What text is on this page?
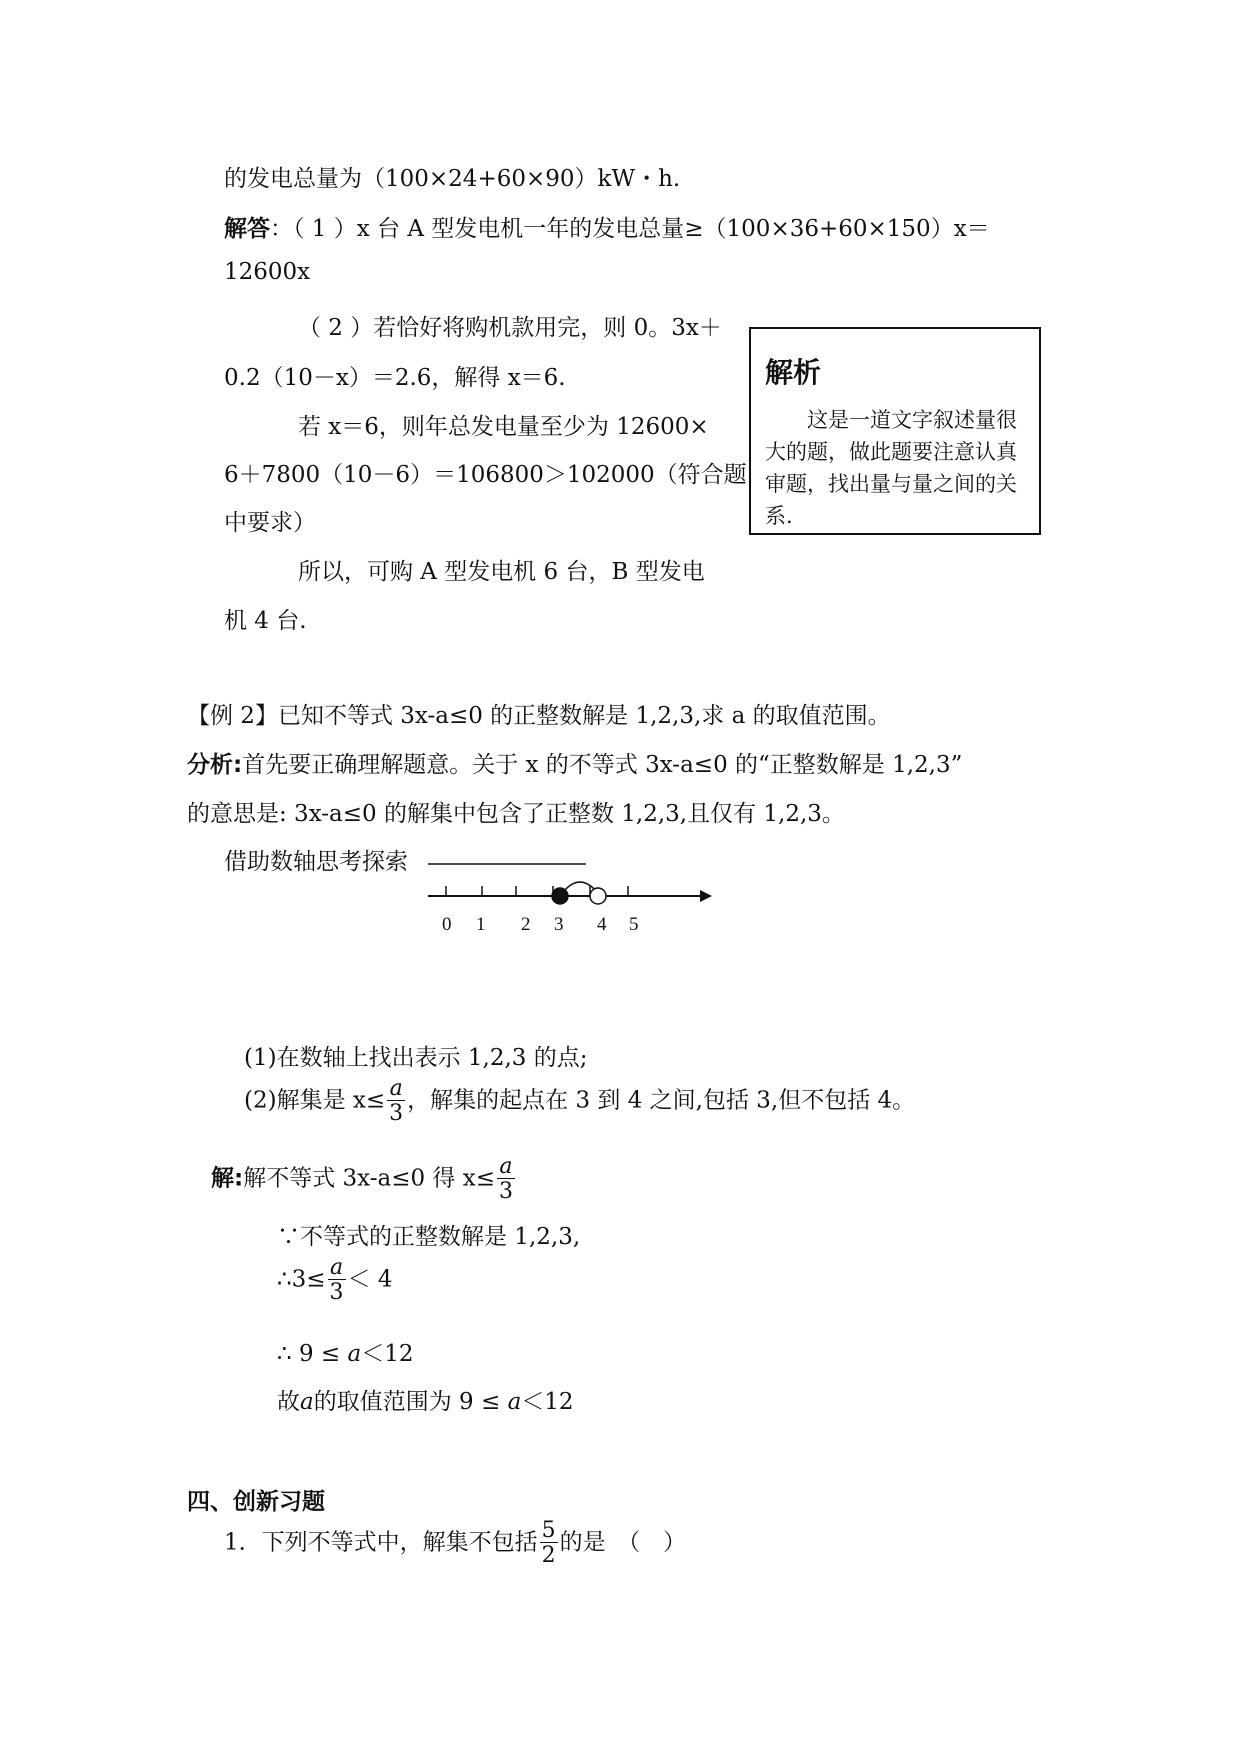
的发电总量为（100×24+60×90）kW・h.
解答：（ 1 ）x 台 A 型发电机一年的发电总量≥（100×36+60×150）x＝
12600x
（ 2 ）若恰好将购机款用完，则 0。3x＋
0.2（10－x）＝2.6，解得 x＝6.
若 x＝6，则年总发电量至少为 12600×
6＋7800（10－6）＝106800＞102000（符合题
中要求）
所以，可购 A 型发电机 6 台，B 型发电
机 4 台.
解析
这是一道文字叙述量很大的题，做此题要注意认真审题，找出量与量之间的关系.
【例 2】已知不等式 3x-a≤0 的正整数解是 1,2,3,求 a 的取值范围。
分析:首先要正确理解题意。关于 x 的不等式 3x-a≤0 的“正整数解是 1,2,3”
的意思是: 3x-a≤0 的解集中包含了正整数 1,2,3,且仅有 1,2,3。
借助数轴思考探索
0 1 2 3 4 5
(1)在数轴上找出表示 1,2,3 的点;
(2)解集是 $x\le \frac{a}{3}$ ，解集的起点在 3 到 4 之间,包括 3,但不包括 4。
解:解不等式 3x-a≤0 得 $x\le \frac{a}{3}$
∵不等式的正整数解是 1,2,3,
∴3≤ $\frac{a}{3} < 4$
∴ 9 ≤ a＜12
故a的取值范围为 9 ≤ a＜12
四、创新习题
1．下列不等式中，解集不包括 $\frac{5}{2}$ 的是　（　）
